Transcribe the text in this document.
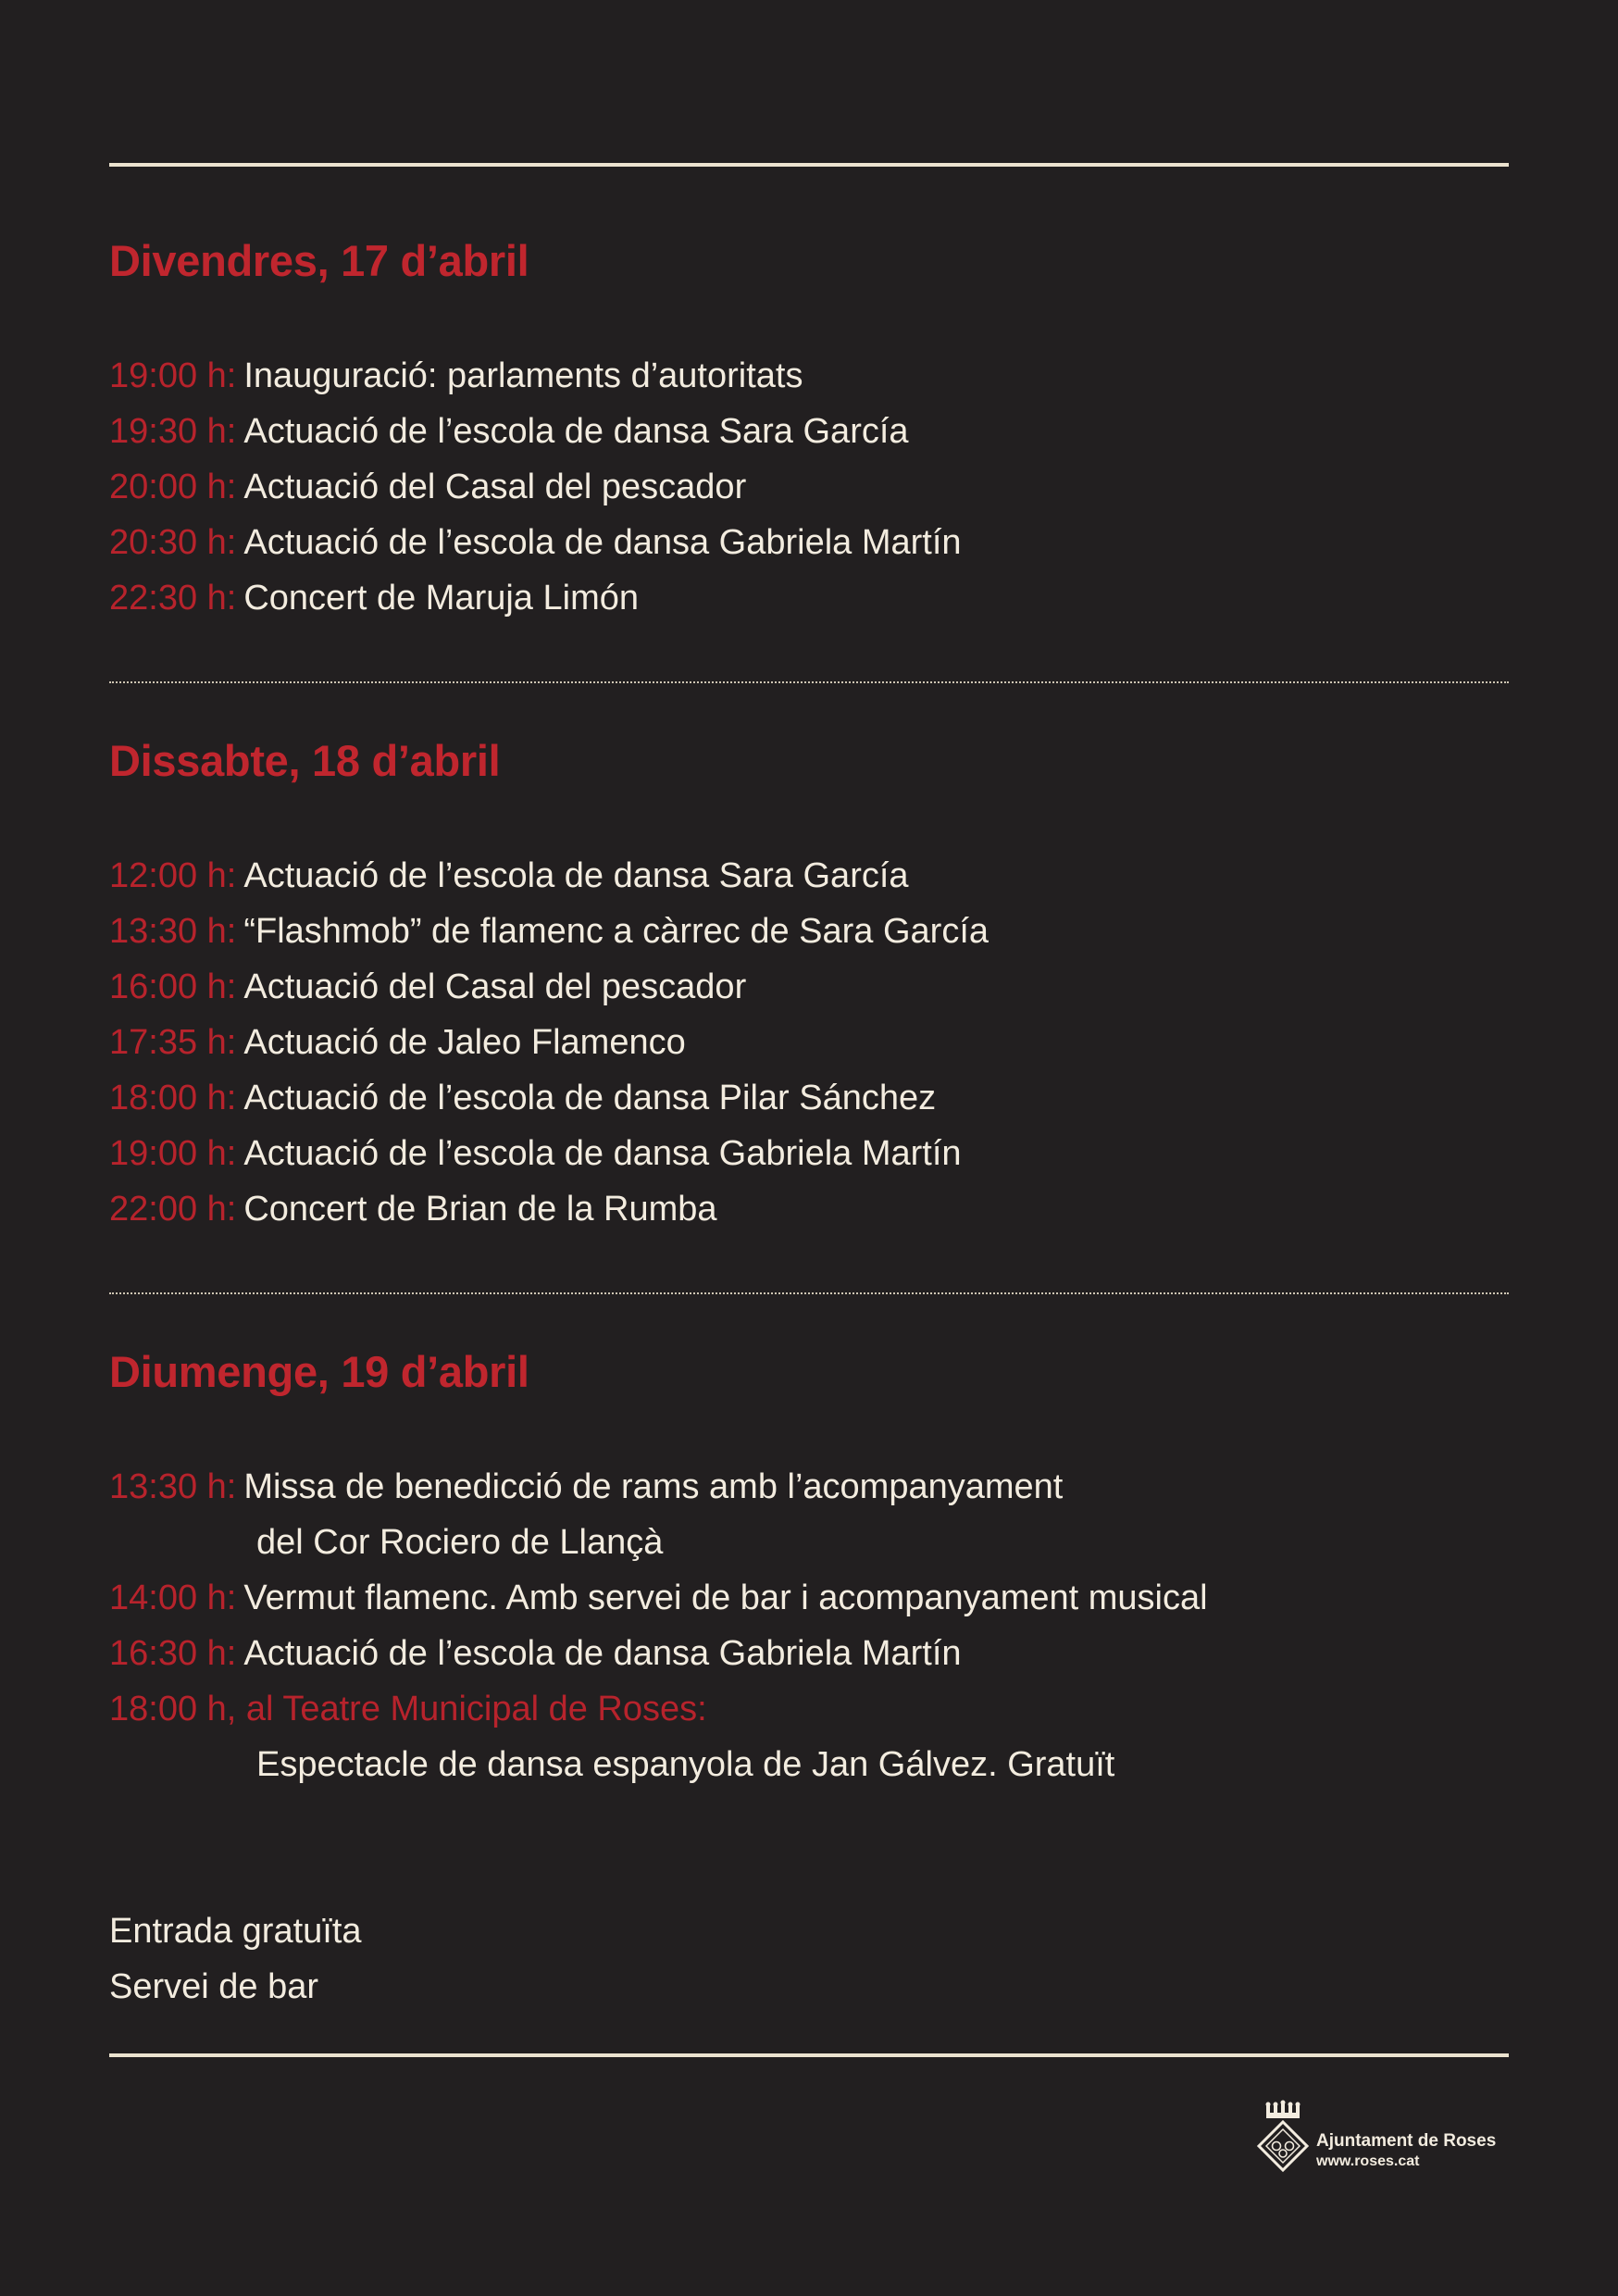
Divendres, 17 d’abril
19:00 h: Inauguració: parlaments d’autoritats
19:30 h: Actuació de l’escola de dansa Sara García
20:00 h: Actuació del Casal del pescador
20:30 h: Actuació de l’escola de dansa Gabriela Martín
22:30 h: Concert de Maruja Limón
Dissabte, 18 d’abril
12:00 h: Actuació de l’escola de dansa Sara García
13:30 h: “Flashmob” de flamenc a càrrec de Sara García
16:00 h: Actuació del Casal del pescador
17:35 h: Actuació de Jaleo Flamenco
18:00 h: Actuació de l’escola de dansa Pilar Sánchez
19:00 h: Actuació de l’escola de dansa Gabriela Martín
22:00 h: Concert de Brian de la Rumba
Diumenge, 19 d’abril
13:30 h: Missa de benedicció de rams amb l’acompanyament
del Cor Rociero de Llançà
14:00 h: Vermut flamenc. Amb servei de bar i acompanyament musical
16:30 h: Actuació de l’escola de dansa Gabriela Martín
18:00 h, al Teatre Municipal de Roses:
Espectacle de dansa espanyola de Jan Gálvez. Gratuït
Entrada gratuïta
Servei de bar
Ajuntament de Roses
www.roses.cat
